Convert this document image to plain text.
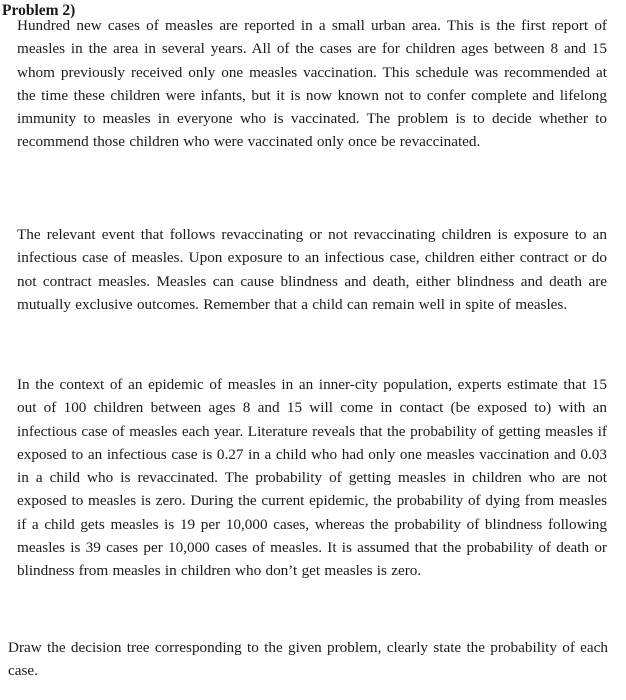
Problem 2)

Hundred new cases of measles are reported in a small urban area. This is the first report of measles in the area in several years. All of the cases are for children ages between 8 and 15 whom previously received only one measles vaccination. This schedule was recommended at the time these children were infants, but it is now known not to confer complete and lifelong immunity to measles in everyone who is vaccinated. The problem is to decide whether to recommend those children who were vaccinated only once be revaccinated.

The relevant event that follows revaccinating or not revaccinating children is exposure to an infectious case of measles. Upon exposure to an infectious case, children either contract or do not contract measles. Measles can cause blindness and death, either blindness and death are mutually exclusive outcomes. Remember that a child can remain well in spite of measles.

In the context of an epidemic of measles in an inner-city population, experts estimate that 15 out of 100 children between ages 8 and 15 will come in contact (be exposed to) with an infectious case of measles each year. Literature reveals that the probability of getting measles if exposed to an infectious case is 0.27 in a child who had only one measles vaccination and 0.03 in a child who is revaccinated. The probability of getting measles in children who are not exposed to measles is zero. During the current epidemic, the probability of dying from measles if a child gets measles is 19 per 10,000 cases, whereas the probability of blindness following measles is 39 cases per 10,000 cases of measles. It is assumed that the probability of death or blindness from measles in children who don’t get measles is zero.

Draw the decision tree corresponding to the given problem, clearly state the probability of each case.
